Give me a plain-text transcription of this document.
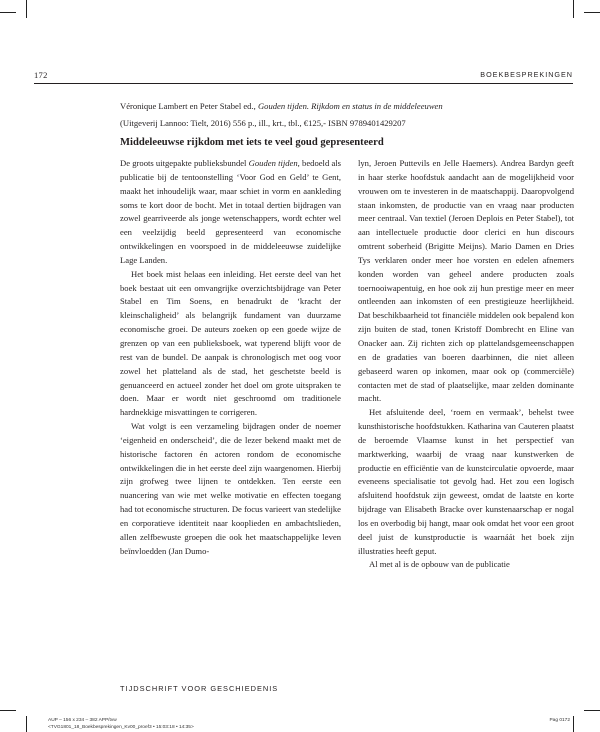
172	BOEKBESPREKINGEN
Véronique Lambert en Peter Stabel ed., Gouden tijden. Rijkdom en status in de middeleeuwen
(Uitgeverij Lannoo: Tielt, 2016) 556 p., ill., krt., tbl., €125,- ISBN 9789401429207
Middeleeuwse rijkdom met iets te veel goud gepresenteerd
De groots uitgepakte publieksbundel Gouden tijden, bedoeld als publicatie bij de tentoonstelling ‘Voor God en Geld’ te Gent, maakt het inhoudelijk waar, maar schiet in vorm en aankleding soms te kort door de bocht. Met in totaal dertien bijdragen van zowel gearriveerde als jonge wetenschappers, wordt echter wel een veelzijdig beeld gepresenteerd van economische ontwikkelingen en voorspoed in de middeleeuwse zuidelijke Lage Landen.
Het boek mist helaas een inleiding. Het eerste deel van het boek bestaat uit een omvangrijke overzichtsbijdrage van Peter Stabel en Tim Soens, en benadrukt de ‘kracht der kleinschaligheid’ als belangrijk fundament van duurzame economische groei. De auteurs zoeken op een goede wijze de grenzen op van een publieksboek, wat typerend blijft voor de rest van de bundel. De aanpak is chronologisch met oog voor zowel het platteland als de stad, het geschetste beeld is genuanceerd en actueel zonder het doel om grote uitspraken te doen. Maar er wordt niet geschroomd om traditionele hardnekkige misvattingen te corrigeren.
Wat volgt is een verzameling bijdragen onder de noemer ‘eigenheid en onderscheid’, die de lezer bekend maakt met de historische factoren én actoren rondom de economische ontwikkelingen die in het eerste deel zijn waargenomen. Hierbij zijn grofweg twee lijnen te ontdekken. Ten eerste een nuancering van wie met welke motivatie en effecten toegang had tot economische structuren. De focus varieert van stedelijke en corporatieve identiteit naar koopliedеn en ambachtslieden, allen zelfbewuste groepen die ook het maatschappelijke leven beïnvloedden (Jan Dumo-
lyn, Jeroen Puttevils en Jelle Haemers). Andrea Bardyn geeft in haar sterke hoofdstuk aandacht aan de mogelijkheid voor vrouwen om te investeren in de maatschappij. Daaropvolgend staan inkomsten, de productie van en vraag naar producten meer centraal. Van textiel (Jeroen Deplois en Peter Stabel), tot aan intellectuele productie door clerici en hun discours omtrent soberheid (Brigitte Meijns). Mario Damen en Dries Tys verklaren onder meer hoe vorsten en edelen afnemers konden worden van geheel andere producten zoals toernooiwapentuig, en hoe ook zij hun prestige meer en meer ontleenden aan inkomsten of een prestigieuze heerlijkheid. Dat beschikbaarheid tot financiële middelen ook bepalend kon zijn buiten de stad, tonen Kristoff Dombrecht en Eline van Onacker aan. Zij richten zich op plattelandsgemeenschappen en de gradaties van boeren daarbinnen, die niet alleen gebaseerd waren op inkomen, maar ook op (commerciële) contacten met de stad of plaatselijke, maar zelden dominante macht.
Het afsluitende deel, ‘roem en vermaak’, behelst twee kunsthistorische hoofdstukken. Katharina van Cauteren plaatst de beroemde Vlaamse kunst in het perspectief van marktwerking, waarbij de vraag naar kunstwerken de productie en efficiëntie van de kunstcirculatie opvoerde, maar eveneens specialisatie tot gevolg had. Het zou een logisch afsluitend hoofdstuk zijn geweest, omdat de laatste en korte bijdrage van Elisabeth Bracke over kunstenaarschap er nogal los en overbodig bij hangt, maar ook omdat het voor een groot deel juist de kunstproductie is waarnáát het boek zijn illustraties heeft geput.
Al met al is de opbouw van de publicatie
TIJDSCHRIFT VOOR GESCHIEDENIS
AUP – 156 x 234 – 382 APP/tvw
<TVG1801_18_Boekbesprekingen_Kv00_proef3 • 15:03:18 • 14:35>
Pag 0172
